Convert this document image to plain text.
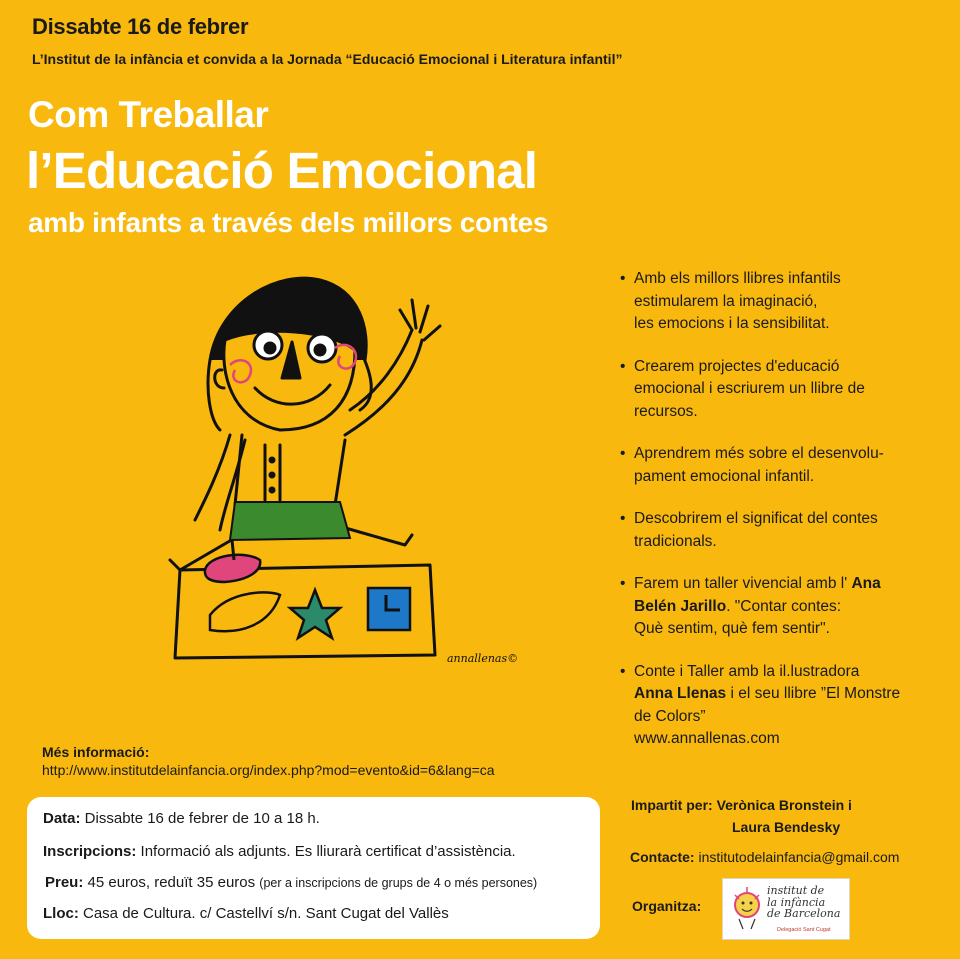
Dissabte 16 de febrer
L’Institut de la infància et convida a la Jornada “Educació Emocional i Literatura infantil”
Com Treballar
l’Educació Emocional
amb infants a través dels millors contes
annallenas©
• Amb els millors llibres infantils
estimularem la imaginació,
les emocions i la sensibilitat.
• Crearem projectes d'educació
emocional i escriurem un llibre de
recursos.
• Aprendrem més sobre el desenvolu-
pament emocional infantil.
• Descobrirem el significat del contes
tradicionals.
• Farem un taller vivencial amb l' Ana
Belén Jarillo. "Contar contes:
Què sentim, què fem sentir".
• Conte i Taller amb la il.lustradora
Anna Llenas i el seu llibre ”El Monstre
de Colors”
www.annallenas.com
Més informació:
http://www.institutdelainfancia.org/index.php?mod=evento&id=6&lang=ca
Data: Dissabte 16 de febrer de 10 a 18 h.
Inscripcions: Informació als adjunts. Es lliurarà certificat d’assistència.
Preu: 45 euros, reduït 35 euros (per a inscripcions de grups de 4 o més persones)
Lloc: Casa de Cultura. c/ Castellví s/n. Sant Cugat del Vallès
Impartit per: Verònica Bronstein i
Laura Bendesky
Contacte: institutodelainfancia@gmail.com
Organitza:
institut de
la infància
de Barcelona
Delegació Sant Cugat
